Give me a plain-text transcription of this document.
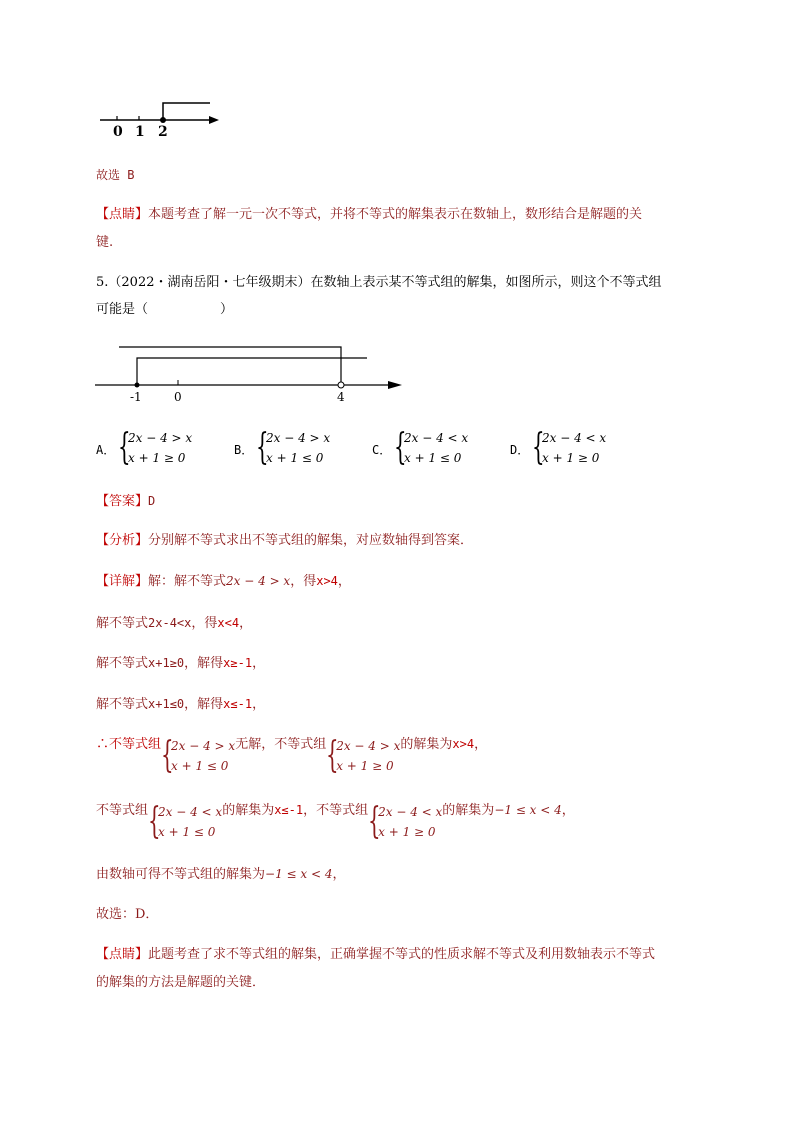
0 1 2
故选 B
【点睛】本题考查了解一元一次不等式，并将不等式的解集表示在数轴上，数形结合是解题的关
键.
5.（2022・湖南岳阳・七年级期末）在数轴上表示某不等式组的解集，如图所示，则这个不等式组
可能是（	）
-1	0	4
A． {
2x − 4 > x
x + 1 ≥ 0
B． {
2x − 4 > x
x + 1 ≤ 0
C． {
2x − 4 < x
x + 1 ≤ 0
D． {
2x − 4 < x
x + 1 ≥ 0
【答案】D
【分析】分别解不等式求出不等式组的解集，对应数轴得到答案．
【详解】解：解不等式2x − 4 > x，得x>4，
解不等式2x-4<x，得x<4，
解不等式x+1≥0，解得x≥-1，
解不等式x+1≤0，解得x≤-1，
∴不等式组 {
2x − 4 > x
x + 1 ≤ 0
无解，不等式组 {
2x − 4 > x
x + 1 ≥ 0
的解集为x>4，
不等式组 {
2x − 4 < x
x + 1 ≤ 0
的解集为x≤-1，不等式组 {
2x − 4 < x
x + 1 ≥ 0
的解集为−1 ≤ x < 4，
由数轴可得不等式组的解集为−1 ≤ x < 4，
故选：D．
【点睛】此题考查了求不等式组的解集，正确掌握不等式的性质求解不等式及利用数轴表示不等式
的解集的方法是解题的关键．
